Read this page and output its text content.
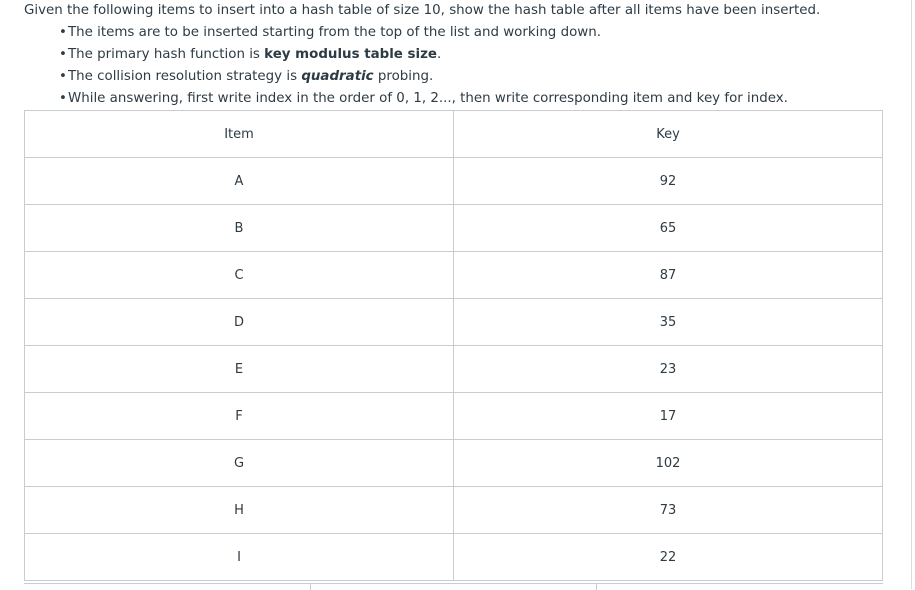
Given the following items to insert into a hash table of size 10, show the hash table after all items have been inserted.
• The items are to be inserted starting from the top of the list and working down.
• The primary hash function is key modulus table size.
• The collision resolution strategy is quadratic probing.
• While answering, first write index in the order of 0, 1, 2..., then write corresponding item and key for index.
Item	Key
A	92
B	65
C	87
D	35
E	23
F	17
G	102
H	73
I	22
